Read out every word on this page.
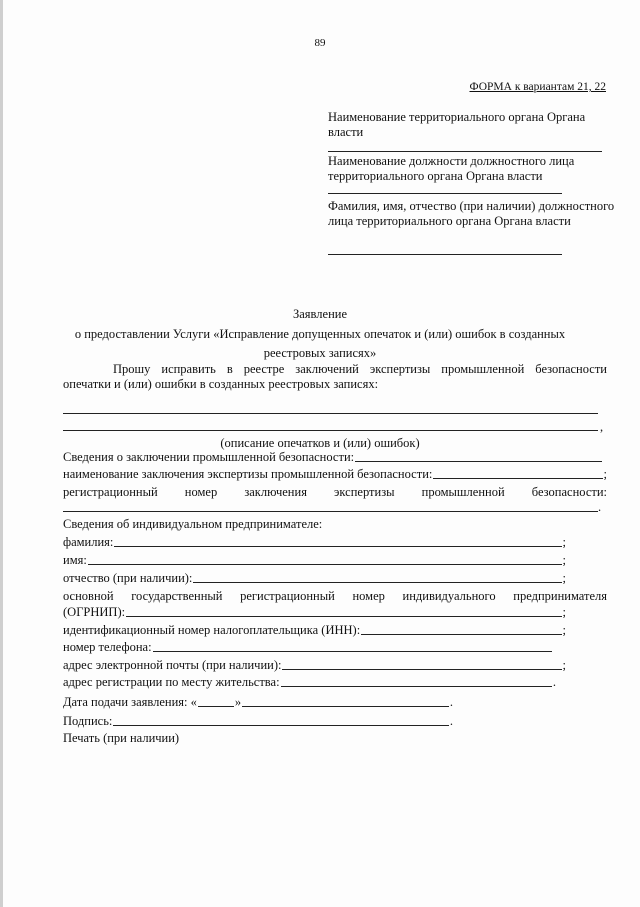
89
ФОРМА к вариантам 21, 22
Наименование территориального органа Органа власти
Наименование должности должностного лица территориального органа Органа власти
Фамилия, имя, отчество (при наличии) должностного лица территориального органа Органа власти
Заявление
о предоставлении Услуги «Исправление допущенных опечаток и (или) ошибок в созданных
реестровых записях»
Прошу исправить в реестре заключений экспертизы промышленной безопасности
опечатки и (или) ошибки в созданных реестровых записях:
,
(описание опечатков и (или) ошибок)
Сведения о заключении промышленной безопасности:
наименование заключения экспертизы промышленной безопасности:	;
регистрационный номер заключения экспертизы промышленной безопасности:
.
Сведения об индивидуальном предпринимателе:
фамилия:	;
имя:	;
отчество (при наличии):	;
основной государственный регистрационный номер индивидуального предпринимателя
(ОГРНИП):	;
идентификационный номер налогоплательщика (ИНН):	;
номер телефона:
адрес электронной почты (при наличии):	;
адрес регистрации по месту жительства:	.
Дата подачи заявления: «	»	.
Подпись:	.
Печать (при наличии)
